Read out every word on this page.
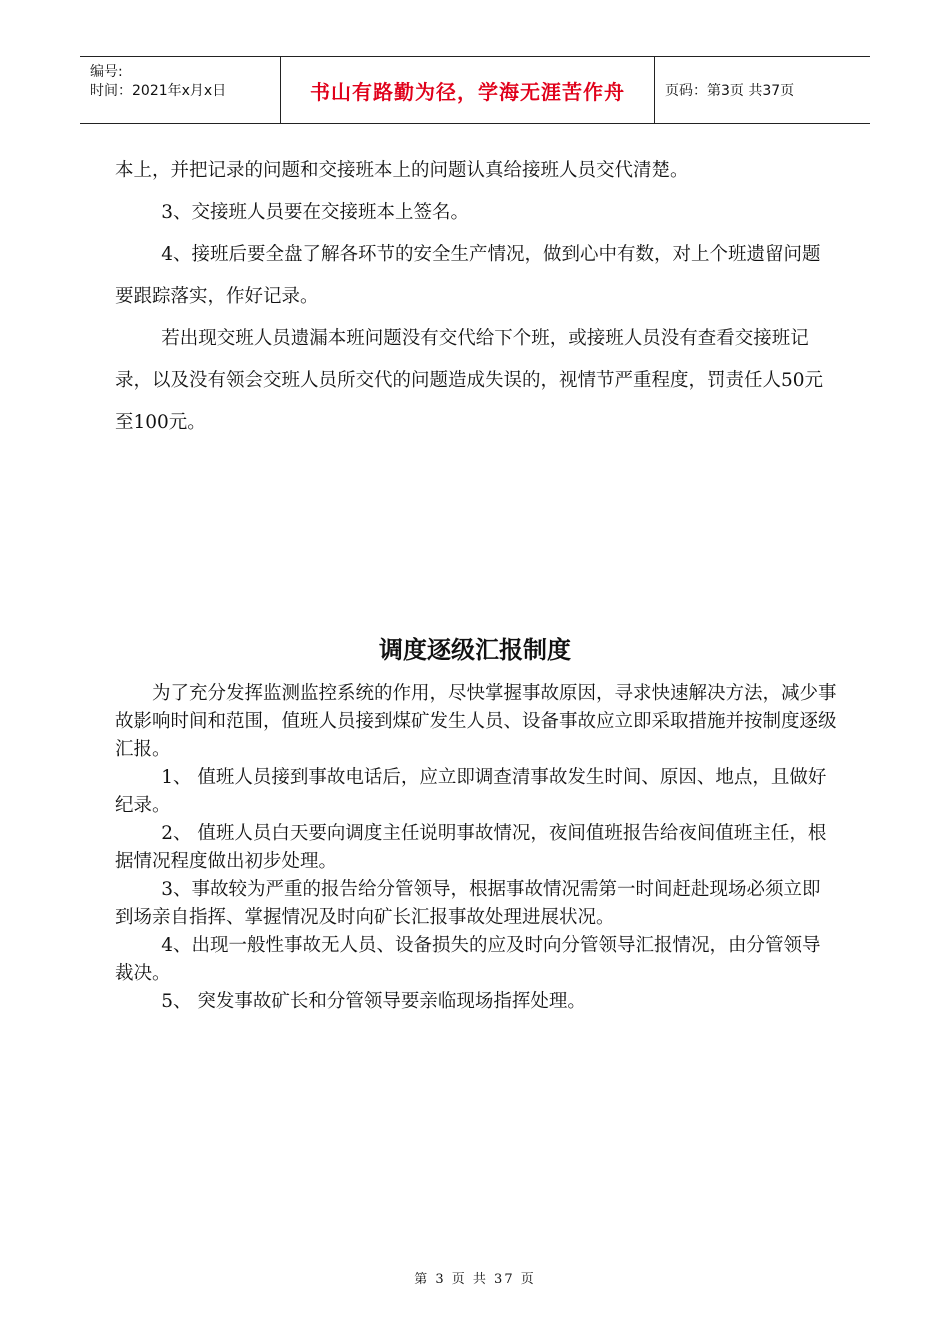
编号:
时间：2021年x月x日	书山有路勤为径，学海无涯苦作舟	页码：第3页 共37页

本上，并把记录的问题和交接班本上的问题认真给接班人员交代清楚。

3、交接班人员要在交接班本上签名。

4、接班后要全盘了解各环节的安全生产情况，做到心中有数，对上个班遗留问题要跟踪落实，作好记录。

若出现交班人员遗漏本班问题没有交代给下个班，或接班人员没有查看交接班记录，以及没有领会交班人员所交代的问题造成失误的，视情节严重程度，罚责任人50元至100元。

调度逐级汇报制度

为了充分发挥监测监控系统的作用，尽快掌握事故原因，寻求快速解决方法，减少事故影响时间和范围，值班人员接到煤矿发生人员、设备事故应立即采取措施并按制度逐级汇报。

1、 值班人员接到事故电话后，应立即调查清事故发生时间、原因、地点，且做好纪录。

2、 值班人员白天要向调度主任说明事故情况，夜间值班报告给夜间值班主任，根据情况程度做出初步处理。

3、事故较为严重的报告给分管领导，根据事故情况需第一时间赶赴现场必须立即到场亲自指挥、掌握情况及时向矿长汇报事故处理进展状况。

4、出现一般性事故无人员、设备损失的应及时向分管领导汇报情况，由分管领导裁决。

5、 突发事故矿长和分管领导要亲临现场指挥处理。

第 3 页 共 37 页
